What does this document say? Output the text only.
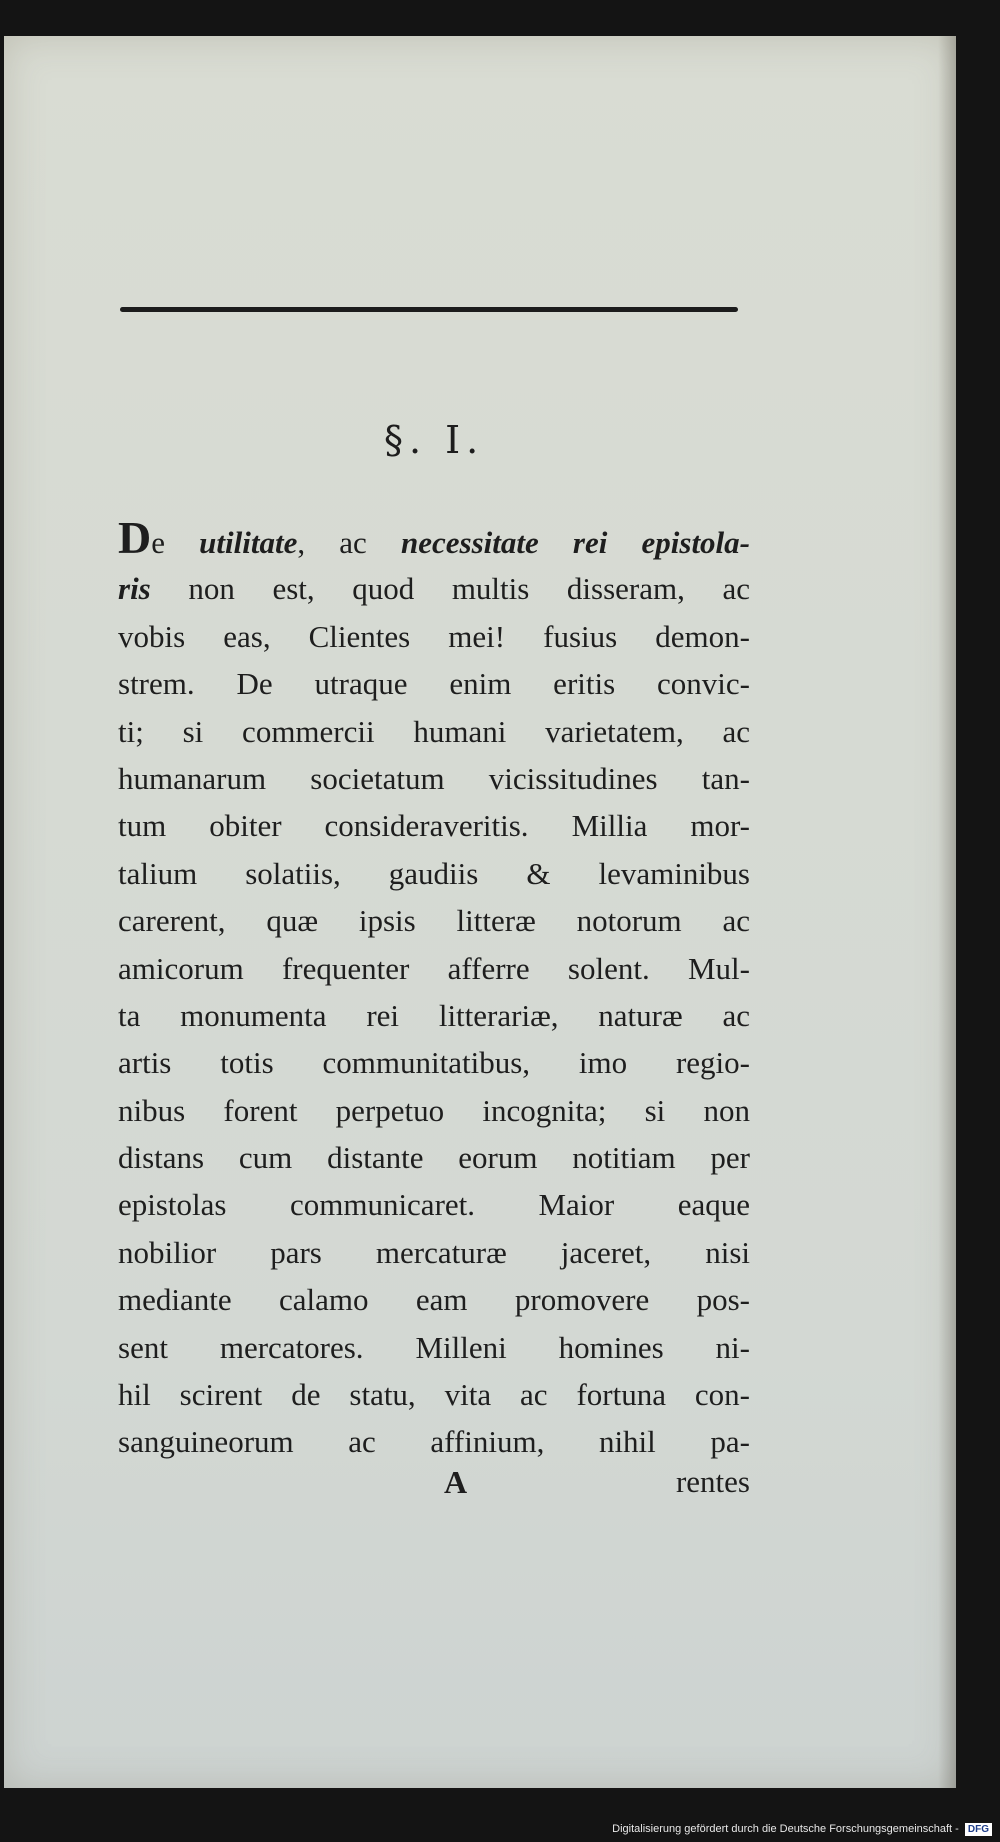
§. I.
De utilitate, ac necessitate rei epistola-
ris non est, quod multis disseram, ac
vobis eas, Clientes mei! fusius demon-
strem. De utraque enim eritis convic-
ti; si commercii humani varietatem, ac
humanarum societatum vicissitudines tan-
tum obiter consideraveritis. Millia mor-
talium solatiis, gaudiis & levaminibus
carerent, quæ ipsis litteræ notorum ac
amicorum frequenter afferre solent. Mul-
ta monumenta rei litterariæ, naturæ ac
artis totis communitatibus, imo regio-
nibus forent perpetuo incognita; si non
distans cum distante eorum notitiam per
epistolas communicaret. Maior eaque
nobilior pars mercaturæ jaceret, nisi
mediante calamo eam promovere pos-
sent mercatores. Milleni homines ni-
hil scirent de statu, vita ac fortuna con-
sanguineorum ac affinium, nihil pa-
A	rentes
Digitalisierung gefördert durch die Deutsche Forschungsgemeinschaft - DFG
